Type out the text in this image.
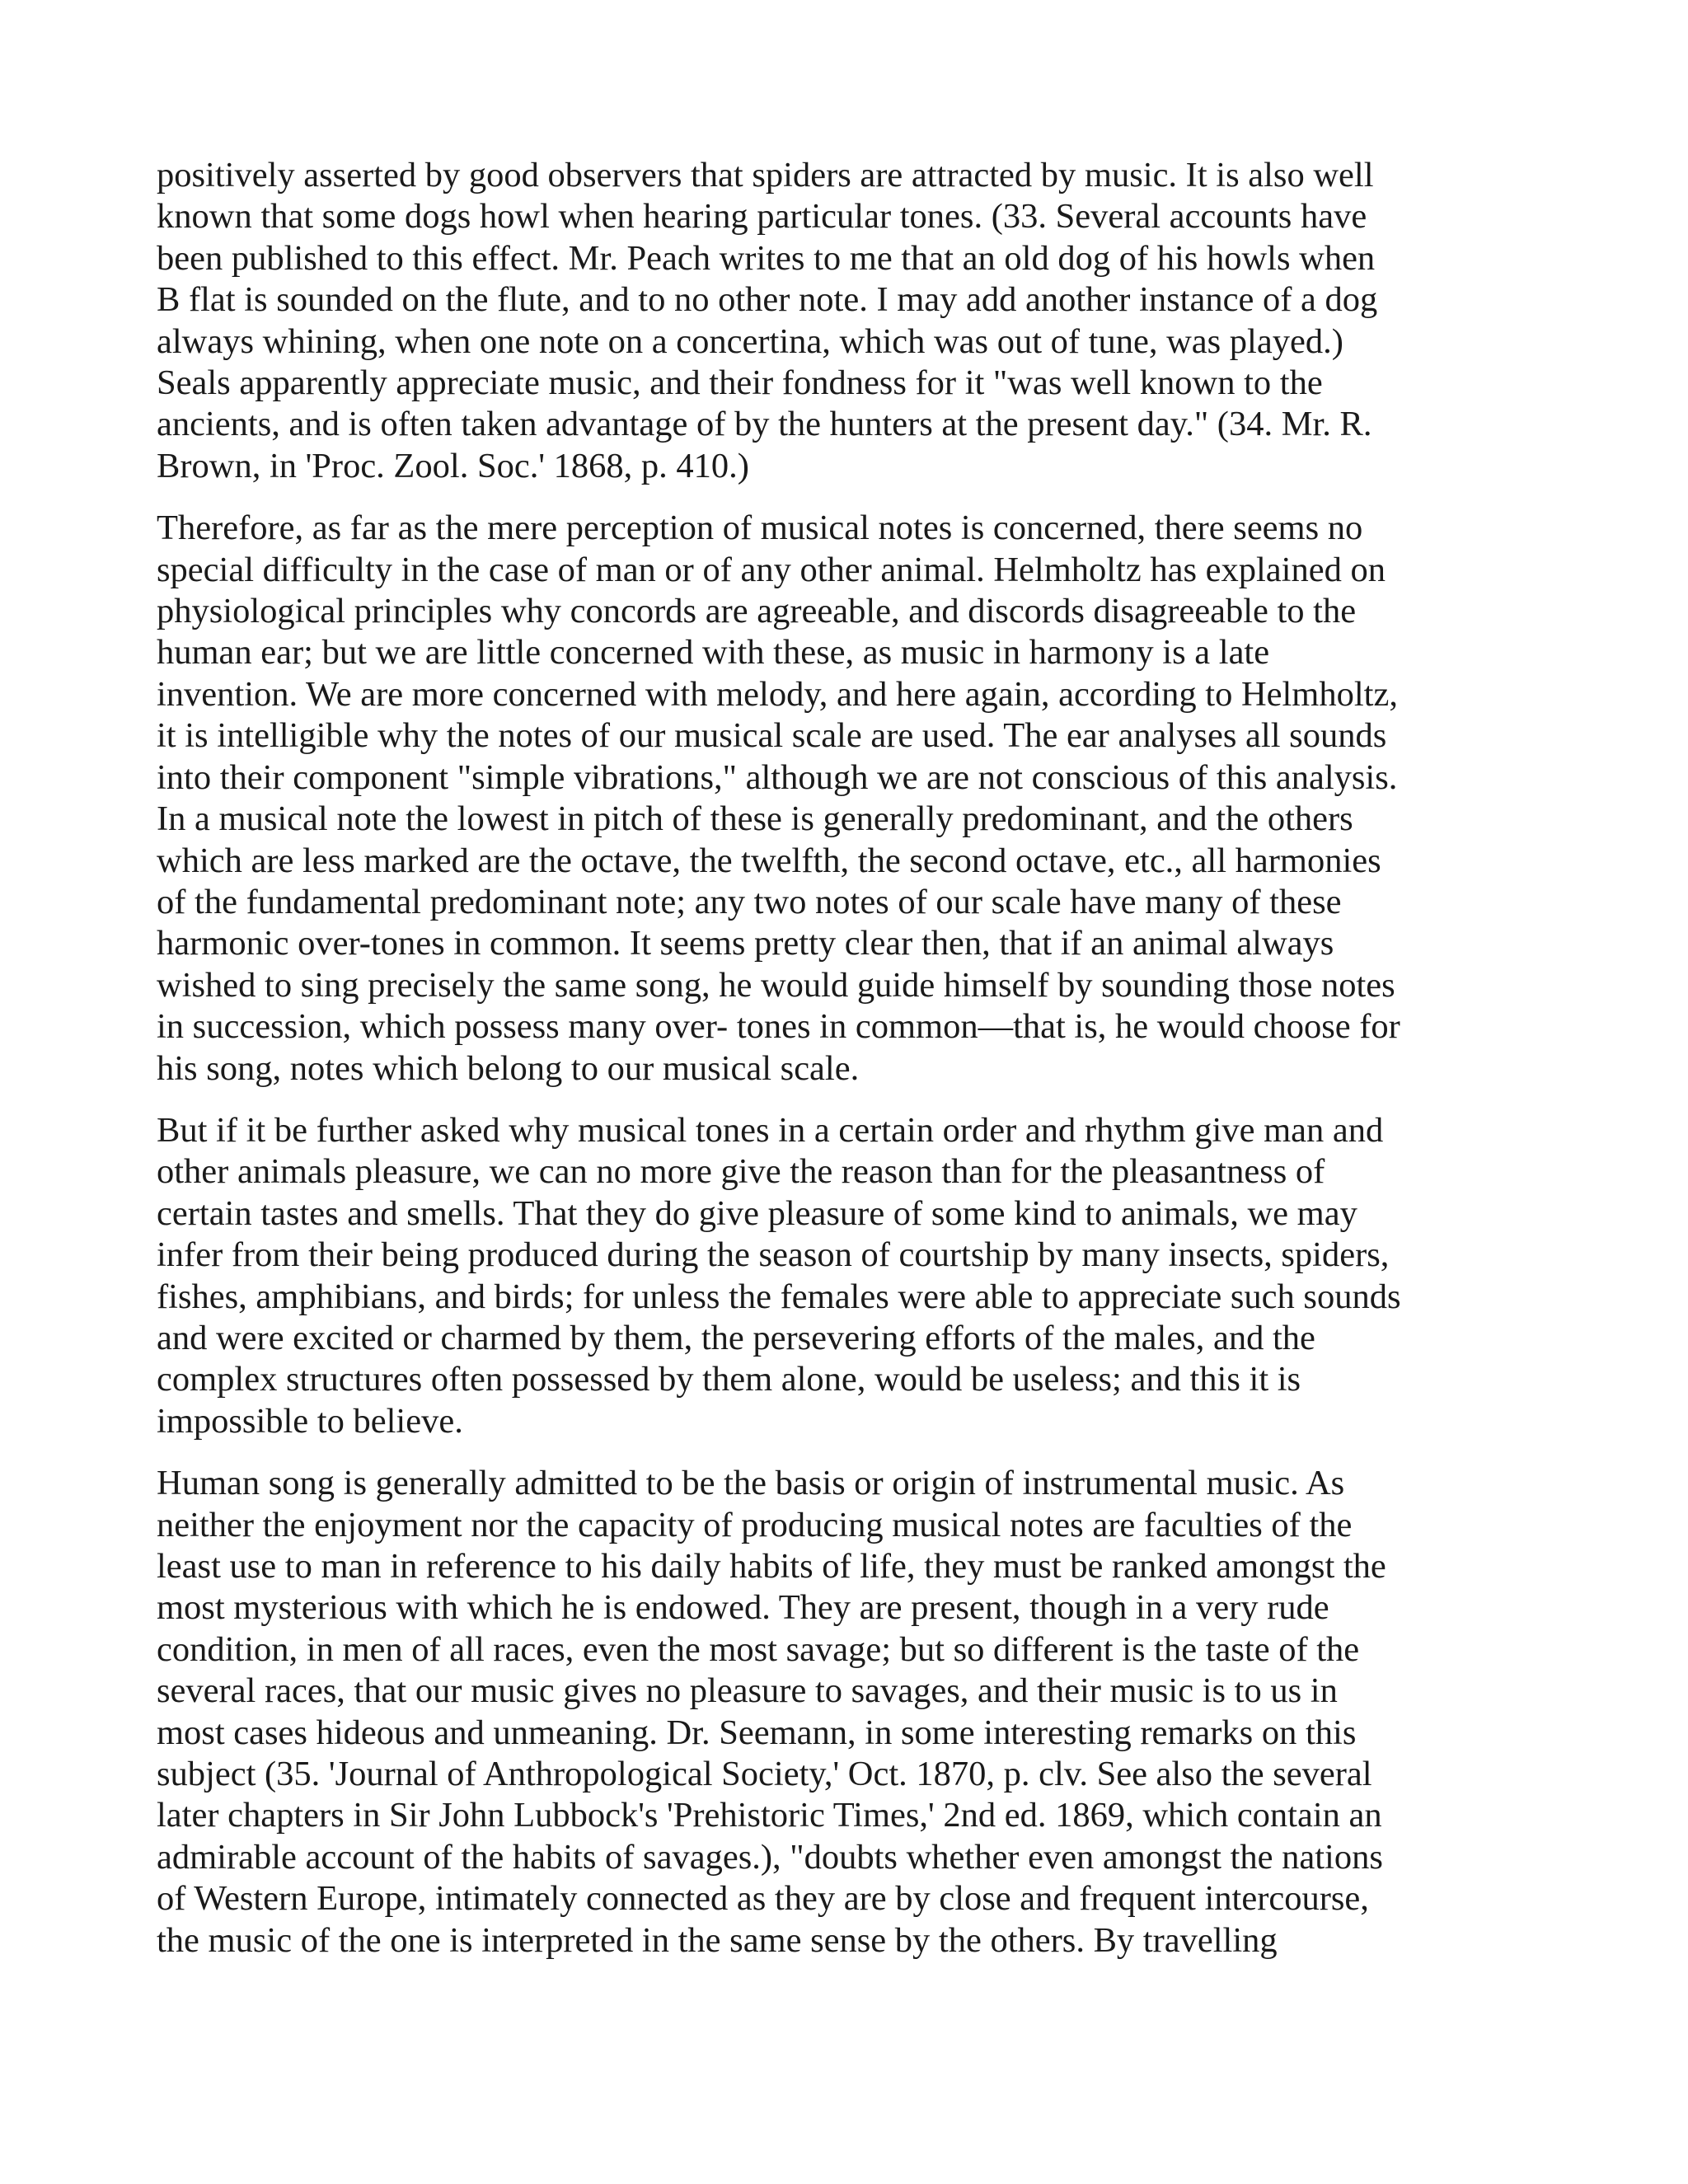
positively asserted by good observers that spiders are attracted by music. It is also well
known that some dogs howl when hearing particular tones. (33. Several accounts have
been published to this effect. Mr. Peach writes to me that an old dog of his howls when
B flat is sounded on the flute, and to no other note. I may add another instance of a dog
always whining, when one note on a concertina, which was out of tune, was played.)
Seals apparently appreciate music, and their fondness for it "was well known to the
ancients, and is often taken advantage of by the hunters at the present day." (34. Mr. R.
Brown, in 'Proc. Zool. Soc.' 1868, p. 410.)

Therefore, as far as the mere perception of musical notes is concerned, there seems no
special difficulty in the case of man or of any other animal. Helmholtz has explained on
physiological principles why concords are agreeable, and discords disagreeable to the
human ear; but we are little concerned with these, as music in harmony is a late
invention. We are more concerned with melody, and here again, according to Helmholtz,
it is intelligible why the notes of our musical scale are used. The ear analyses all sounds
into their component "simple vibrations," although we are not conscious of this analysis.
In a musical note the lowest in pitch of these is generally predominant, and the others
which are less marked are the octave, the twelfth, the second octave, etc., all harmonies
of the fundamental predominant note; any two notes of our scale have many of these
harmonic over-tones in common. It seems pretty clear then, that if an animal always
wished to sing precisely the same song, he would guide himself by sounding those notes
in succession, which possess many over- tones in common—that is, he would choose for
his song, notes which belong to our musical scale.

But if it be further asked why musical tones in a certain order and rhythm give man and
other animals pleasure, we can no more give the reason than for the pleasantness of
certain tastes and smells. That they do give pleasure of some kind to animals, we may
infer from their being produced during the season of courtship by many insects, spiders,
fishes, amphibians, and birds; for unless the females were able to appreciate such sounds
and were excited or charmed by them, the persevering efforts of the males, and the
complex structures often possessed by them alone, would be useless; and this it is
impossible to believe.

Human song is generally admitted to be the basis or origin of instrumental music. As
neither the enjoyment nor the capacity of producing musical notes are faculties of the
least use to man in reference to his daily habits of life, they must be ranked amongst the
most mysterious with which he is endowed. They are present, though in a very rude
condition, in men of all races, even the most savage; but so different is the taste of the
several races, that our music gives no pleasure to savages, and their music is to us in
most cases hideous and unmeaning. Dr. Seemann, in some interesting remarks on this
subject (35. 'Journal of Anthropological Society,' Oct. 1870, p. clv. See also the several
later chapters in Sir John Lubbock's 'Prehistoric Times,' 2nd ed. 1869, which contain an
admirable account of the habits of savages.), "doubts whether even amongst the nations
of Western Europe, intimately connected as they are by close and frequent intercourse,
the music of the one is interpreted in the same sense by the others. By travelling
